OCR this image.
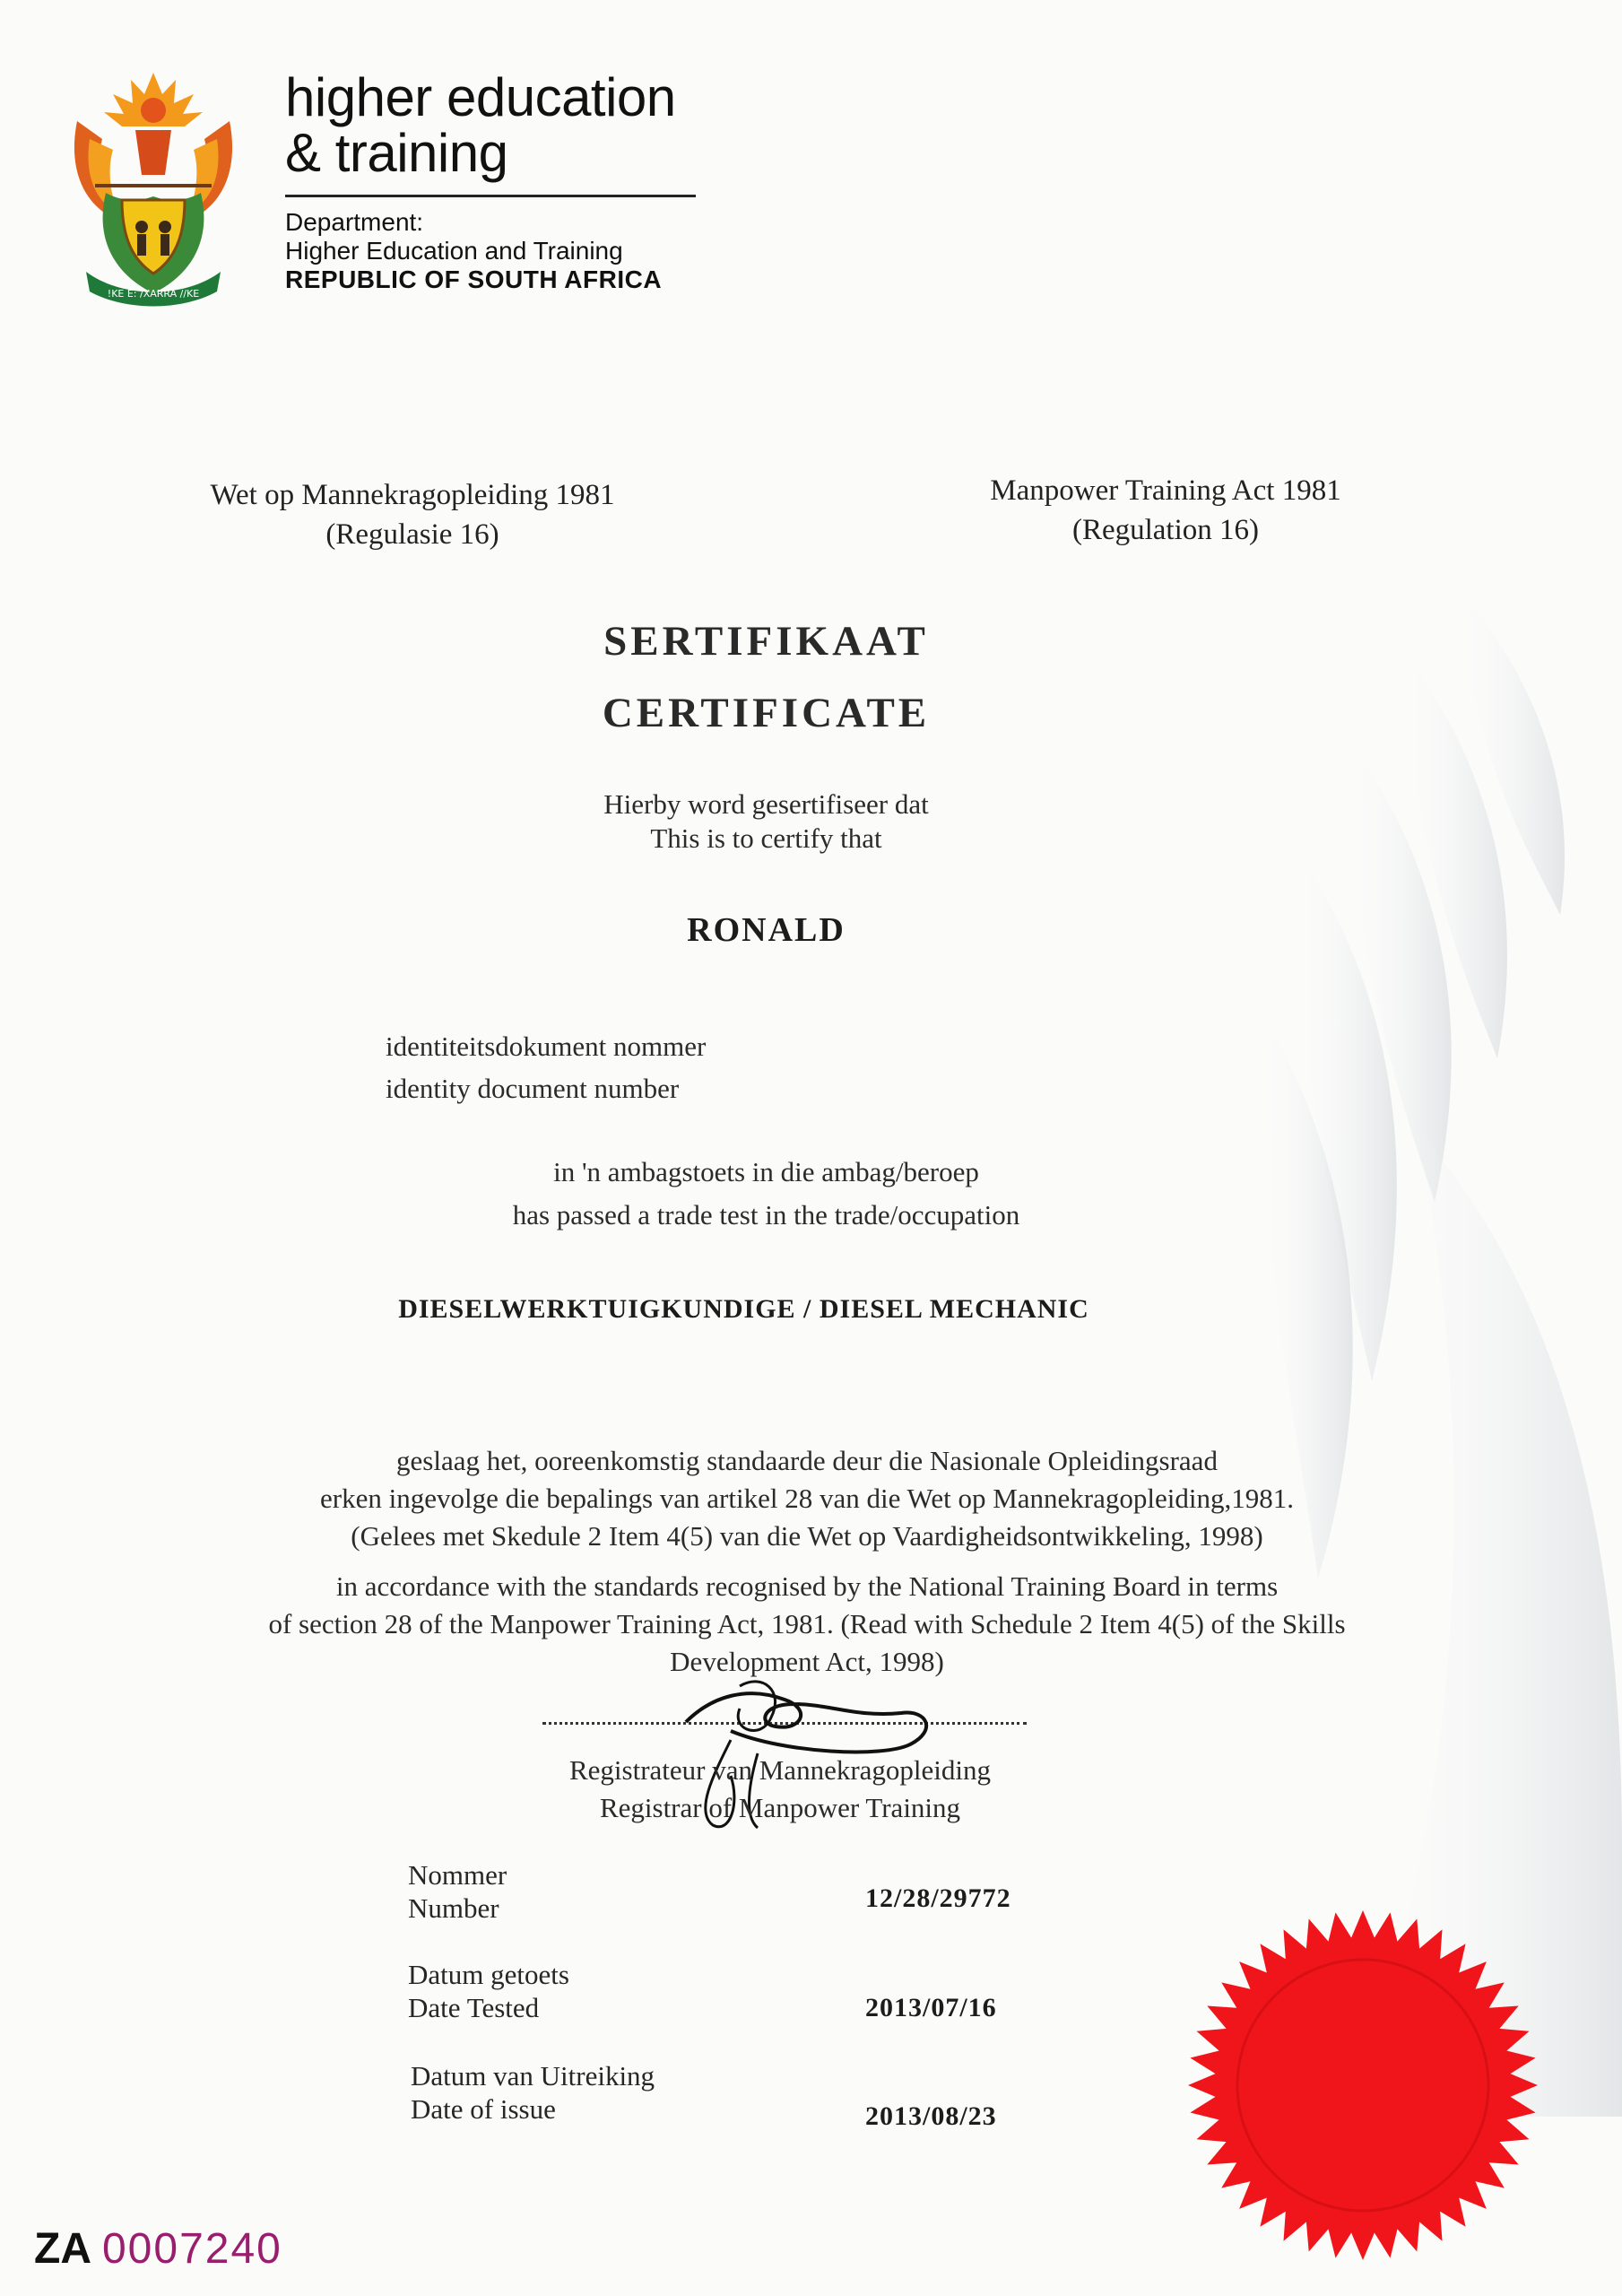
!KE E: /XARRA //KE
higher education
& training
Department:
Higher Education and Training
REPUBLIC OF SOUTH AFRICA
Wet op Mannekragopleiding 1981
(Regulasie 16)
Manpower Training Act 1981
(Regulation 16)
SERTIFIKAAT
CERTIFICATE
Hierby word gesertifiseer dat
This is to certify that
RONALD
identiteitsdokument nommer
identity document number
in 'n ambagstoets in die ambag/beroep
has passed a trade test in the trade/occupation
DIESELWERKTUIGKUNDIGE / DIESEL MECHANIC
geslaag het, ooreenkomstig standaarde deur die Nasionale Opleidingsraad
erken ingevolge die bepalings van artikel 28 van die Wet op Mannekragopleiding,1981.
(Gelees met Skedule 2 Item 4(5) van die Wet op Vaardigheidsontwikkeling, 1998)
in accordance with the standards recognised by the National Training Board in terms
of section 28 of the Manpower Training Act, 1981. (Read with Schedule 2 Item 4(5) of the Skills
Development Act, 1998)
Registrateur van Mannekragopleiding
Registrar of Manpower Training
Nommer
Number	12/28/29772
Datum getoets
Date Tested	2013/07/16
Datum van Uitreiking
Date of issue	2013/08/23
ZA 0007240
